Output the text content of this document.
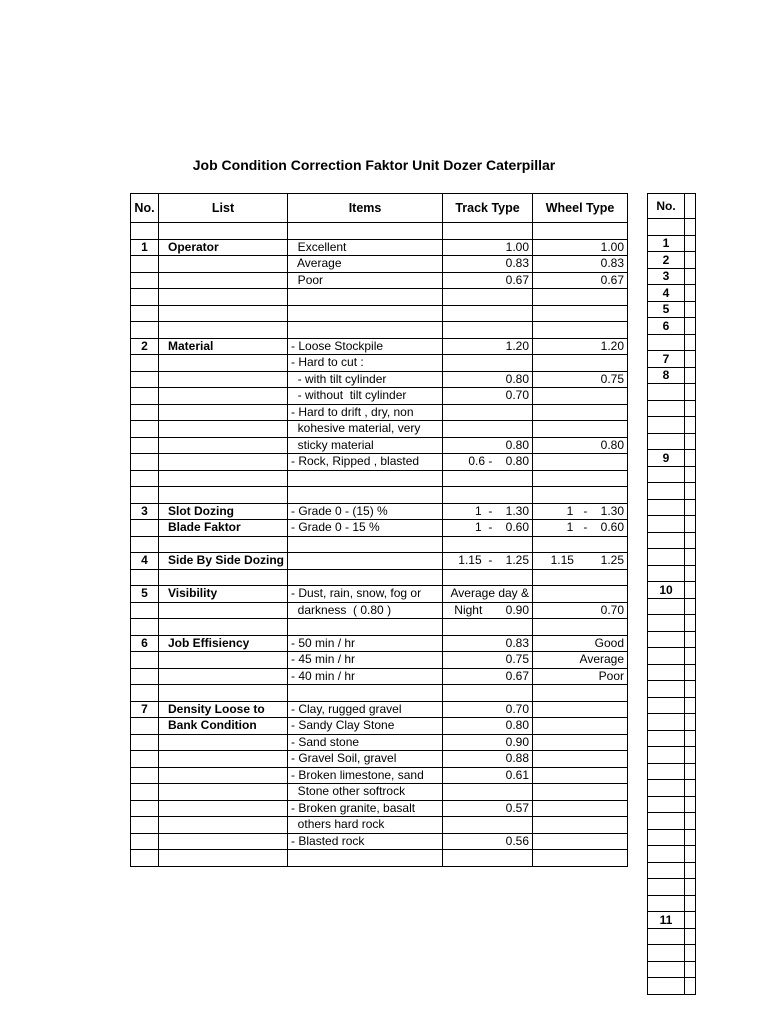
Job Condition Correction Faktor Unit Dozer Caterpillar
No.	List	Items	Track Type	Wheel Type

1	Operator	Excellent	1.00	1.00
		Average	0.83	0.83
		Poor	0.67	0.67

2	Material	- Loose Stockpile	1.20	1.20
		- Hard to cut :		
		- with tilt cylinder	0.80	0.75
		- without  tilt cylinder	0.70	
		- Hard to drift , dry, non		
		kohesive material, very		
		sticky material	0.80	0.80
		- Rock, Ripped , blasted	0.6 -    0.80	

3	Slot Dozing	- Grade 0 - (15) %	1  -    1.30	1   -    1.30
	Blade Faktor	- Grade 0 - 15 %	1  -    0.60	1   -    0.60

4	Side By Side Dozing		1.15  -    1.25	1.15        1.25

5	Visibility	- Dust, rain, snow, fog or	Average day &	
		darkness  ( 0.80 )	Night       0.90	0.70

6	Job Effisiency	- 50 min / hr	0.83	Good
		- 45 min / hr	0.75	Average
		- 40 min / hr	0.67	Poor

7	Density Loose to	- Clay, rugged gravel	0.70	
	Bank Condition	- Sandy Clay Stone	0.80	
		- Sand stone	0.90	
		- Gravel Soil, gravel	0.88	
		- Broken limestone, sand	0.61	
		Stone other softrock		
		- Broken granite, basalt	0.57	
		others hard rock		
		- Blasted rock	0.56	

No.	

1	
2	
3	
4	
5	
6	

7	
8	

9	

10	

11	
